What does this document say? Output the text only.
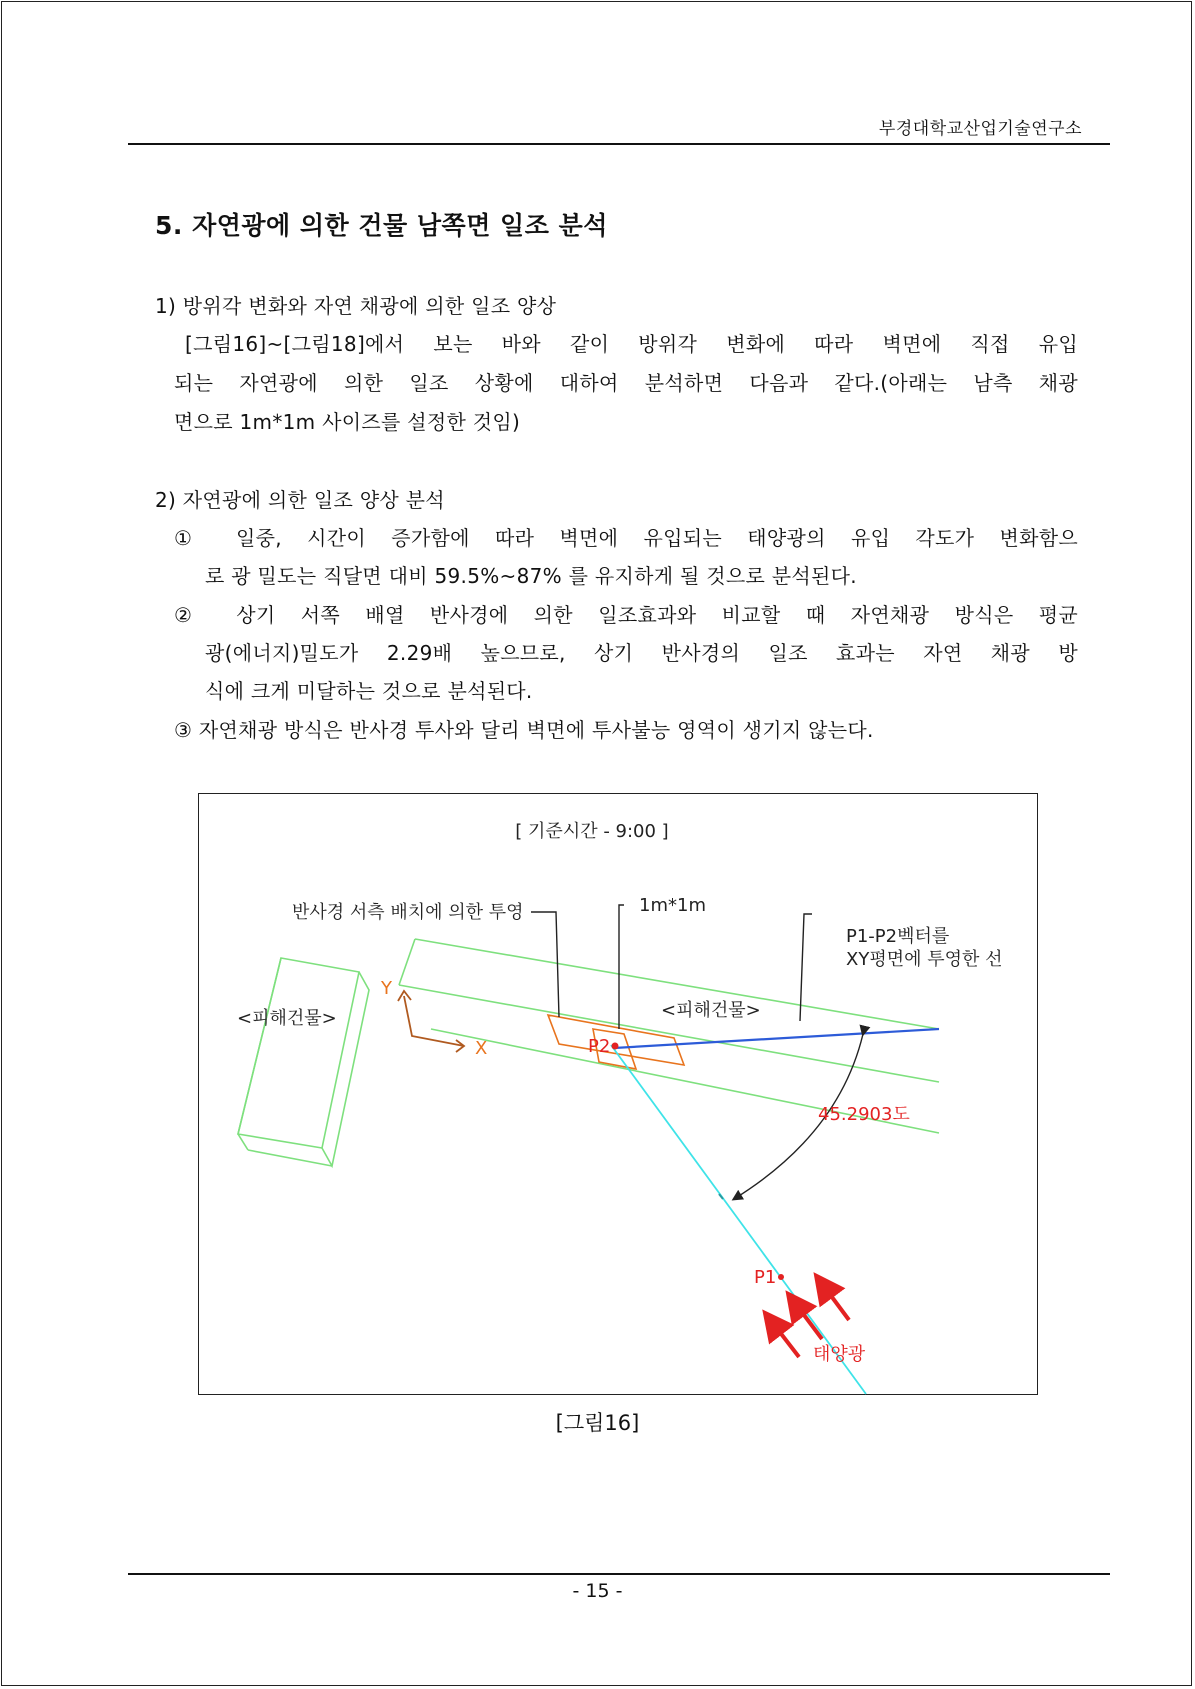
부경대학교산업기술연구소
5. 자연광에 의한 건물 남쪽면 일조 분석
1) 방위각 변화와 자연 채광에 의한 일조 양상
[그림16]~[그림18]에서 보는 바와 같이 방위각 변화에 따라 벽면에 직접 유입
되는 자연광에 의한 일조 상황에 대하여 분석하면 다음과 같다.(아래는 남측 채광
면으로 1m*1m 사이즈를 설정한 것임)
2) 자연광에 의한 일조 양상 분석
① 일중, 시간이 증가함에 따라 벽면에 유입되는 태양광의 유입 각도가 변화함으
로 광 밀도는 직달면 대비 59.5%~87% 를 유지하게 될 것으로 분석된다.
② 상기 서쪽 배열 반사경에 의한 일조효과와 비교할 때 자연채광 방식은 평균
광(에너지)밀도가 2.29배 높으므로, 상기 반사경의 일조 효과는 자연 채광 방
식에 크게 미달하는 것으로 분석된다.
③ 자연채광 방식은 반사경 투사와 달리 벽면에 투사불능 영역이 생기지 않는다.
[ 기준시간 - 9:00 ]
<피해건물>	<피해건물>
Y
X	P2
반사경 서측 배치에 의한 투영	1m*1m
P1-P2벡터를
XY평면에 투영한 선
45.2903도
P1
태양광
[그림16]
- 15 -
